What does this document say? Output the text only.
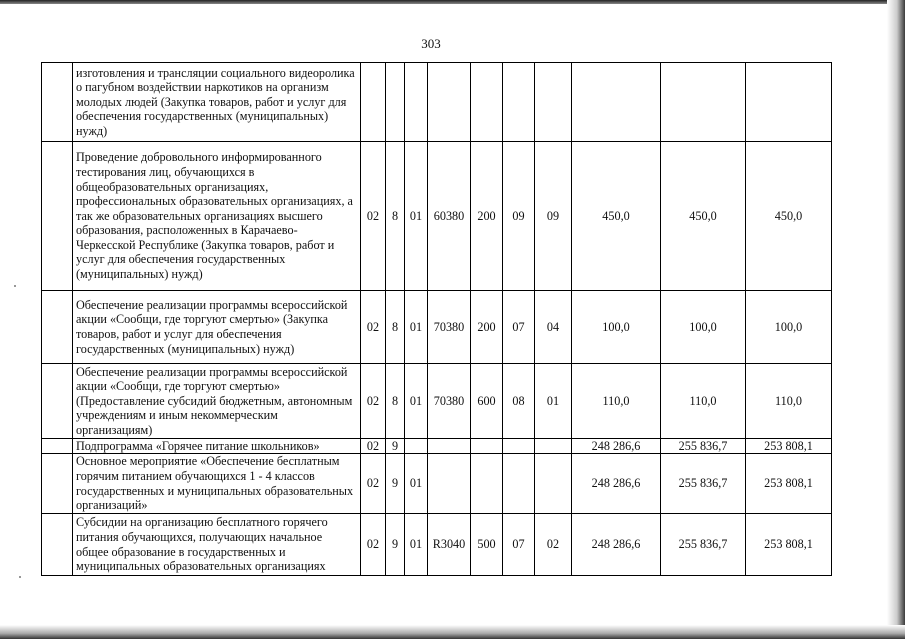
303
	изготовления и трансляции социального видеоролика о пагубном воздействии наркотиков на организм молодых людей (Закупка товаров, работ и услуг для обеспечения государственных (муниципальных) нужд)										
	Проведение добровольного информированного тестирования лиц, обучающихся в общеобразовательных организациях, профессиональных образовательных организациях, а так же образовательных организациях высшего образования, расположенных в Карачаево-Черкесской Республике (Закупка товаров, работ и услуг для обеспечения государственных (муниципальных) нужд)	02	8	01	60380	200	09	09	450,0	450,0	450,0
	Обеспечение реализации программы всероссийской акции «Сообщи, где торгуют смертью» (Закупка товаров, работ и услуг для обеспечения государственных (муниципальных) нужд)	02	8	01	70380	200	07	04	100,0	100,0	100,0
	Обеспечение реализации программы всероссийской акции «Сообщи, где торгуют смертью» (Предоставление субсидий бюджетным, автономным учреждениям и иным некоммерческим организациям)	02	8	01	70380	600	08	01	110,0	110,0	110,0
	Подпрограмма «Горячее питание школьников»	02	9						248 286,6	255 836,7	253 808,1
	Основное мероприятие «Обеспечение бесплатным горячим питанием обучающихся 1 - 4 классов государственных и муниципальных образовательных организаций»	02	9	01					248 286,6	255 836,7	253 808,1
	Субсидии на организацию бесплатного горячего питания обучающихся, получающих начальное общее образование в государственных и муниципальных образовательных организациях	02	9	01	R3040	500	07	02	248 286,6	255 836,7	253 808,1
